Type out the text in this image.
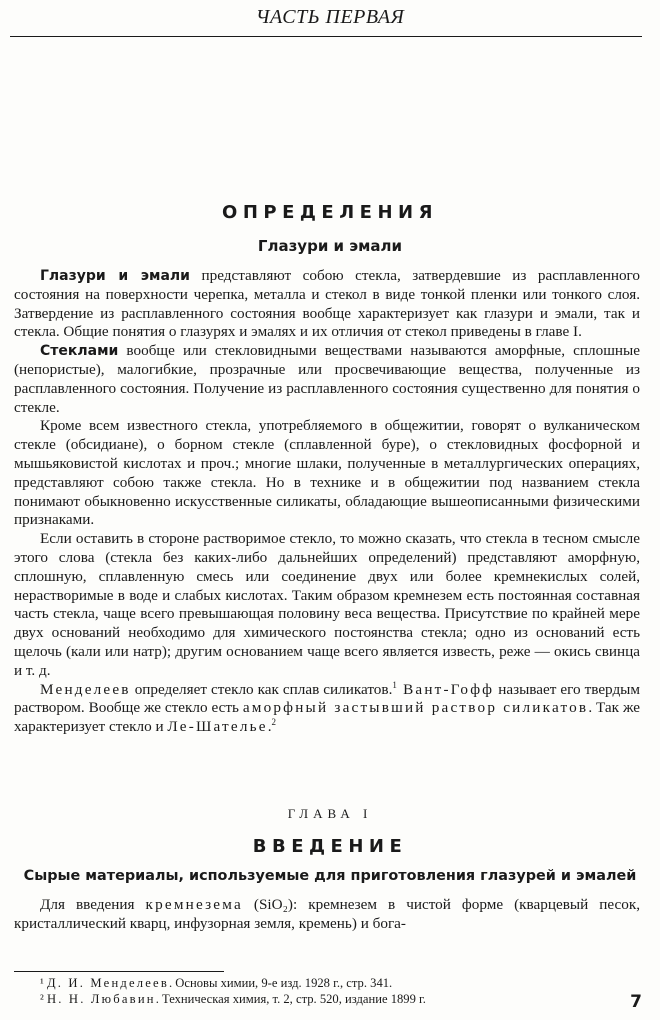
ЧАСТЬ ПЕРВАЯ
ОПРЕДЕЛЕНИЯ
Глазури и эмали

Глазури и эмали представляют собою стекла, затвердевшие из расплавленного состояния на поверхности черепка, металла и стекол в виде тонкой пленки или тонкого слоя. Затвердение из расплавленного состояния вообще характеризует как глазури и эмали, так и стекла. Общие понятия о глазурях и эмалях и их отличия от стекол приведены в главе I.

Стеклами вообще или стекловидными веществами называются аморфные, сплошные (непористые), малогибкие, прозрачные или просвечивающие вещества, полученные из расплавленного состояния. Получение из расплавленного состояния существенно для понятия о стекле.

Кроме всем известного стекла, употребляемого в общежитии, говорят о вулканическом стекле (обсидиане), о борном стекле (сплавленной буре), о стекловидных фосфорной и мышьяковистой кислотах и проч.; многие шлаки, полученные в металлургических операциях, представляют собою также стекла. Но в технике и в общежитии под названием стекла понимают обыкновенно искусственные силикаты, обладающие вышеописанными физическими признаками.

Если оставить в стороне растворимое стекло, то можно сказать, что стекла в тесном смысле этого слова (стекла без каких-либо дальнейших определений) представляют аморфную, сплошную, сплавленную смесь или соединение двух или более кремнекислых солей, нерастворимые в воде и слабых кислотах. Таким образом кремнезем есть постоянная составная часть стекла, чаще всего превышающая половину веса вещества. Присутствие по крайней мере двух оснований необходимо для химического постоянства стекла; одно из оснований есть щелочь (кали или натр); другим основанием чаще всего является известь, реже — окись свинца и т. д.

Менделеев определяет стекло как сплав силикатов.$^1$ Вант-Гофф называет его твердым раствором. Вообще же стекло есть аморфный застывший раствор силикатов. Так же характеризует стекло и Ле-Шателье.$^2$

ГЛАВА I
ВВЕДЕНИЕ
Сырые материалы, используемые для приготовления глазурей и эмалей

Для введения кремнезема (SiO₂): кремнезем в чистой форме (кварцевый песок, кристаллический кварц, инфузорная земля, кремень) и бога-

¹ Д. И. Менделеев. Основы химии, 9-е изд. 1928 г., стр. 341.
² Н. Н. Любавин. Техническая химия, т. 2, стр. 520, издание 1899 г.	7
